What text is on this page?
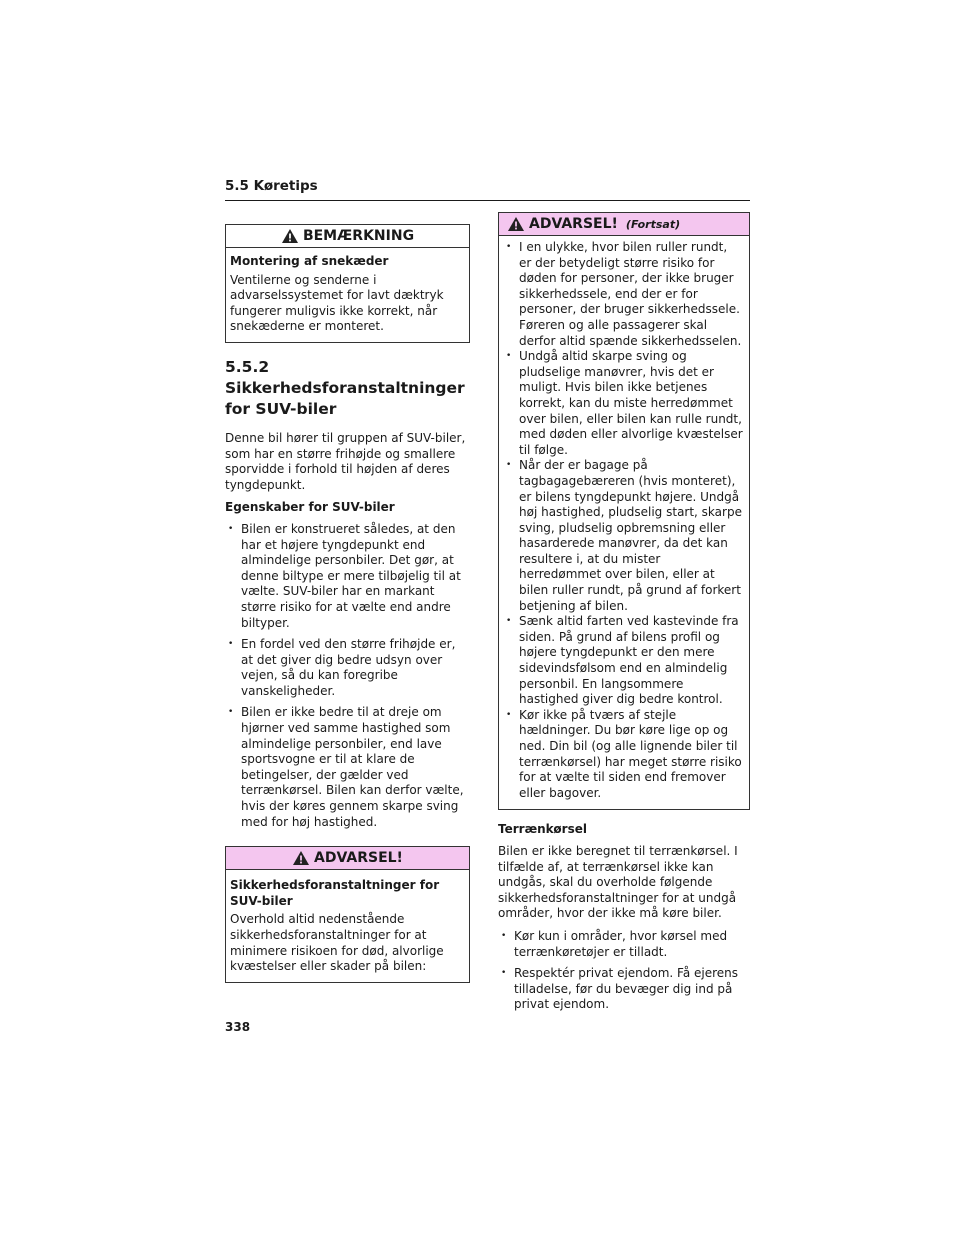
5.5 Køretips
BEMÆRKNING
Montering af snekæder

Ventilerne og senderne i advarselssystemet for lavt dæktryk fungerer muligvis ikke korrekt, når snekæderne er monteret.

5.5.2 Sikkerhedsforanstaltninger
for SUV-biler

Denne bil hører til gruppen af SUV-biler, som har en større frihøjde og smallere sporvidde i forhold til højden af deres tyngdepunkt.

Egenskaber for SUV-biler

• Bilen er konstrueret således, at den har et højere tyngdepunkt end almindelige personbiler. Det gør, at denne biltype er mere tilbøjelig til at vælte. SUV-biler har en markant større risiko for at vælte end andre biltyper.
• En fordel ved den større frihøjde er, at det giver dig bedre udsyn over vejen, så du kan foregribe vanskeligheder.
• Bilen er ikke bedre til at dreje om hjørner ved samme hastighed som almindelige personbiler, end lave sportsvogne er til at klare de betingelser, der gælder ved terrænkørsel. Bilen kan derfor vælte, hvis der køres gennem skarpe sving med for høj hastighed.
ADVARSEL!
Sikkerhedsforanstaltninger for SUV-biler

Overhold altid nedenstående sikkerhedsforanstaltninger for at minimere risikoen for død, alvorlige kvæstelser eller skader på bilen:

ADVARSEL! (Fortsat)
• I en ulykke, hvor bilen ruller rundt, er der betydeligt større risiko for døden for personer, der ikke bruger sikkerhedssele, end der er for personer, der bruger sikkerhedssele. Føreren og alle passagerer skal derfor altid spænde sikkerhedsselen.
• Undgå altid skarpe sving og pludselige manøvrer, hvis det er muligt. Hvis bilen ikke betjenes korrekt, kan du miste herredømmet over bilen, eller bilen kan rulle rundt, med døden eller alvorlige kvæstelser til følge.
• Når der er bagage på tagbagagebæreren (hvis monteret), er bilens tyngdepunkt højere. Undgå høj hastighed, pludselig start, skarpe sving, pludselig opbremsning eller hasarderede manøvrer, da det kan resultere i, at du mister herredømmet over bilen, eller at bilen ruller rundt, på grund af forkert betjening af bilen.
• Sænk altid farten ved kastevinde fra siden. På grund af bilens profil og højere tyngdepunkt er den mere sidevindsfølsom end en almindelig personbil. En langsommere hastighed giver dig bedre kontrol.
• Kør ikke på tværs af stejle hældninger. Du bør køre lige op og ned. Din bil (og alle lignende biler til terrænkørsel) har meget større risiko for at vælte til siden end fremover eller bagover.

Terrænkørsel

Bilen er ikke beregnet til terrænkørsel. I tilfælde af, at terrænkørsel ikke kan undgås, skal du overholde følgende sikkerhedsforanstaltninger for at undgå områder, hvor der ikke må køre biler.

• Kør kun i områder, hvor kørsel med terrænkøretøjer er tilladt.
• Respektér privat ejendom. Få ejerens tilladelse, før du bevæger dig ind på privat ejendom.
338
